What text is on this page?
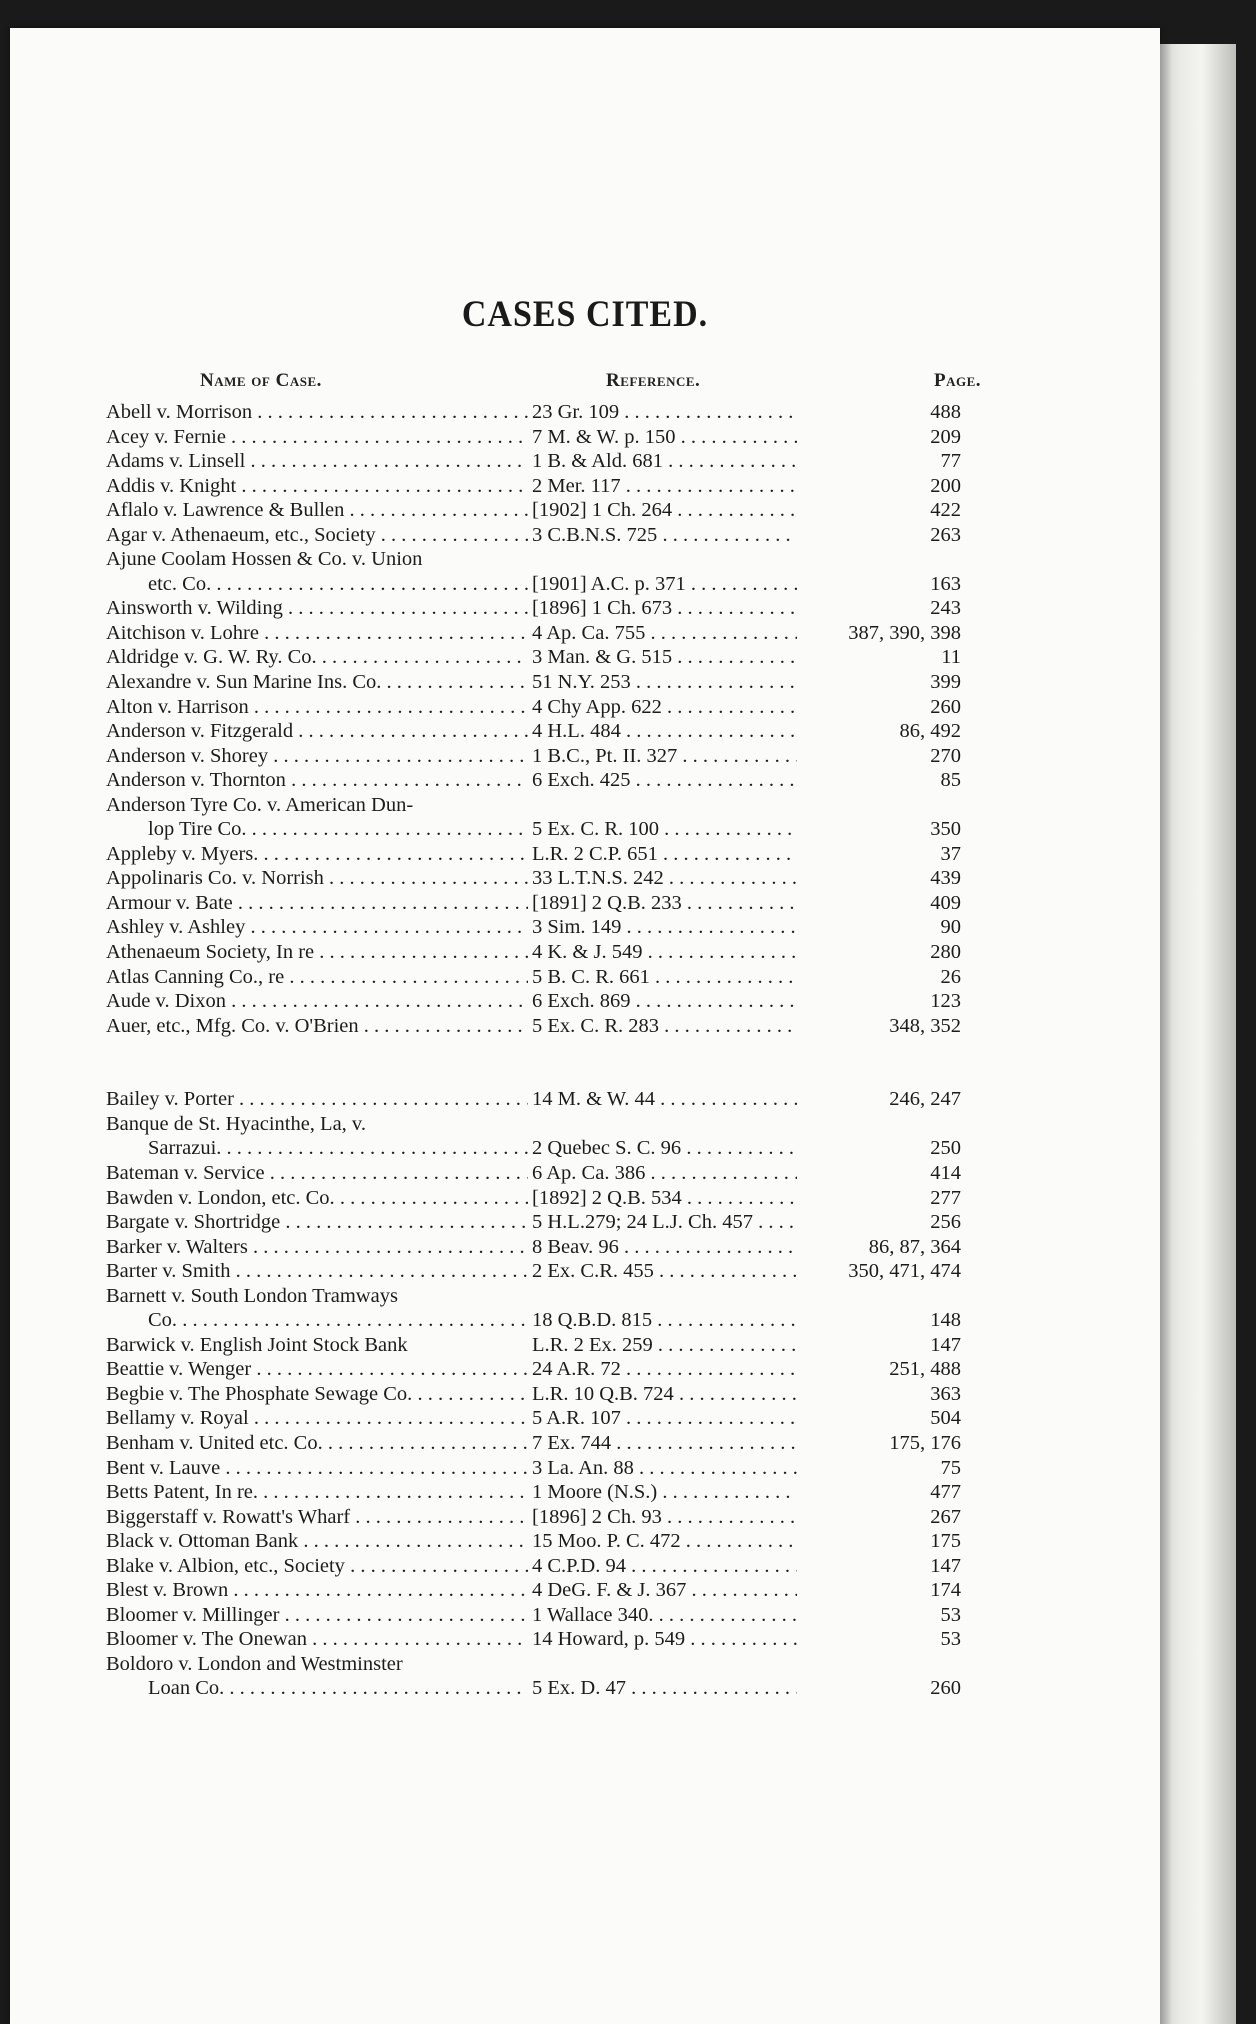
CASES CITED.
Name of Case.	Reference.	Page.
Abell v. Morrison . . .	23 Gr. 109 . . .	488
Acey v. Fernie . . .	7 M. & W. p. 150 . . .	209
Adams v. Linsell . . .	1 B. & Ald. 681 . . .	77
Addis v. Knight . . .	2 Mer. 117 . . .	200
Aflalo v. Lawrence & Bullen . . .	[1902] 1 Ch. 264 . . .	422
Agar v. Athenaeum, etc., Society . . .	3 C.B.N.S. 725 . . .	263
Ajune Coolam Hossen & Co. v. Union
etc. Co. . . .	[1901] A.C. p. 371 . . .	163
Ainsworth v. Wilding . . .	[1896] 1 Ch. 673 . . .	243
Aitchison v. Lohre . . .	4 Ap. Ca. 755 . . .	387, 390, 398
Aldridge v. G. W. Ry. Co. . . .	3 Man. & G. 515 . . .	11
Alexandre v. Sun Marine Ins. Co. . . .	51 N.Y. 253 . . .	399
Alton v. Harrison . . .	4 Chy App. 622 . . .	260
Anderson v. Fitzgerald . . .	4 H.L. 484 . . .	86, 492
Anderson v. Shorey . . .	1 B.C., Pt. II. 327 . . .	270
Anderson v. Thornton . . .	6 Exch. 425 . . .	85
Anderson Tyre Co. v. American Dun-
lop Tire Co. . . .	5 Ex. C. R. 100 . . .	350
Appleby v. Myers. . . .	L.R. 2 C.P. 651 . . .	37
Appolinaris Co. v. Norrish . . .	33 L.T.N.S. 242 . . .	439
Armour v. Bate . . .	[1891] 2 Q.B. 233 . . .	409
Ashley v. Ashley . . .	3 Sim. 149 . . .	90
Athenaeum Society, In re . . .	4 K. & J. 549 . . .	280
Atlas Canning Co., re . . .	5 B. C. R. 661 . . .	26
Aude v. Dixon . . .	6 Exch. 869 . . .	123
Auer, etc., Mfg. Co. v. O'Brien . . .	5 Ex. C. R. 283 . . .	348, 352
Bailey v. Porter . . .	14 M. & W. 44 . . .	246, 247
Banque de St. Hyacinthe, La, v.
Sarrazui. . . .	2 Quebec S. C. 96 . . .	250
Bateman v. Service . . .	6 Ap. Ca. 386 . . .	414
Bawden v. London, etc. Co. . . .	[1892] 2 Q.B. 534 . . .	277
Bargate v. Shortridge . . .	5 H.L.279; 24 L.J. Ch. 457 . . .	256
Barker v. Walters . . .	8 Beav. 96 . . .	86, 87, 364
Barter v. Smith . . .	2 Ex. C.R. 455 . . .	350, 471, 474
Barnett v. South London Tramways
Co. . . .	18 Q.B.D. 815 . . .	148
Barwick v. English Joint Stock Bank	L.R. 2 Ex. 259 . . .	147
Beattie v. Wenger . . .	24 A.R. 72 . . .	251, 488
Begbie v. The Phosphate Sewage Co. . . .	L.R. 10 Q.B. 724 . . .	363
Bellamy v. Royal . . .	5 A.R. 107 . . .	504
Benham v. United etc. Co. . . .	7 Ex. 744 . . .	175, 176
Bent v. Lauve . . .	3 La. An. 88 . . .	75
Betts Patent, In re. . . .	1 Moore (N.S.) . . .	477
Biggerstaff v. Rowatt's Wharf . . .	[1896] 2 Ch. 93 . . .	267
Black v. Ottoman Bank . . .	15 Moo. P. C. 472 . . .	175
Blake v. Albion, etc., Society . . .	4 C.P.D. 94 . . .	147
Blest v. Brown . . .	4 DeG. F. & J. 367 . . .	174
Bloomer v. Millinger . . .	1 Wallace 340. . . .	53
Bloomer v. The Onewan . . .	14 Howard, p. 549 . . .	53
Boldoro v. London and Westminster
Loan Co. . . .	5 Ex. D. 47 . . .	260
